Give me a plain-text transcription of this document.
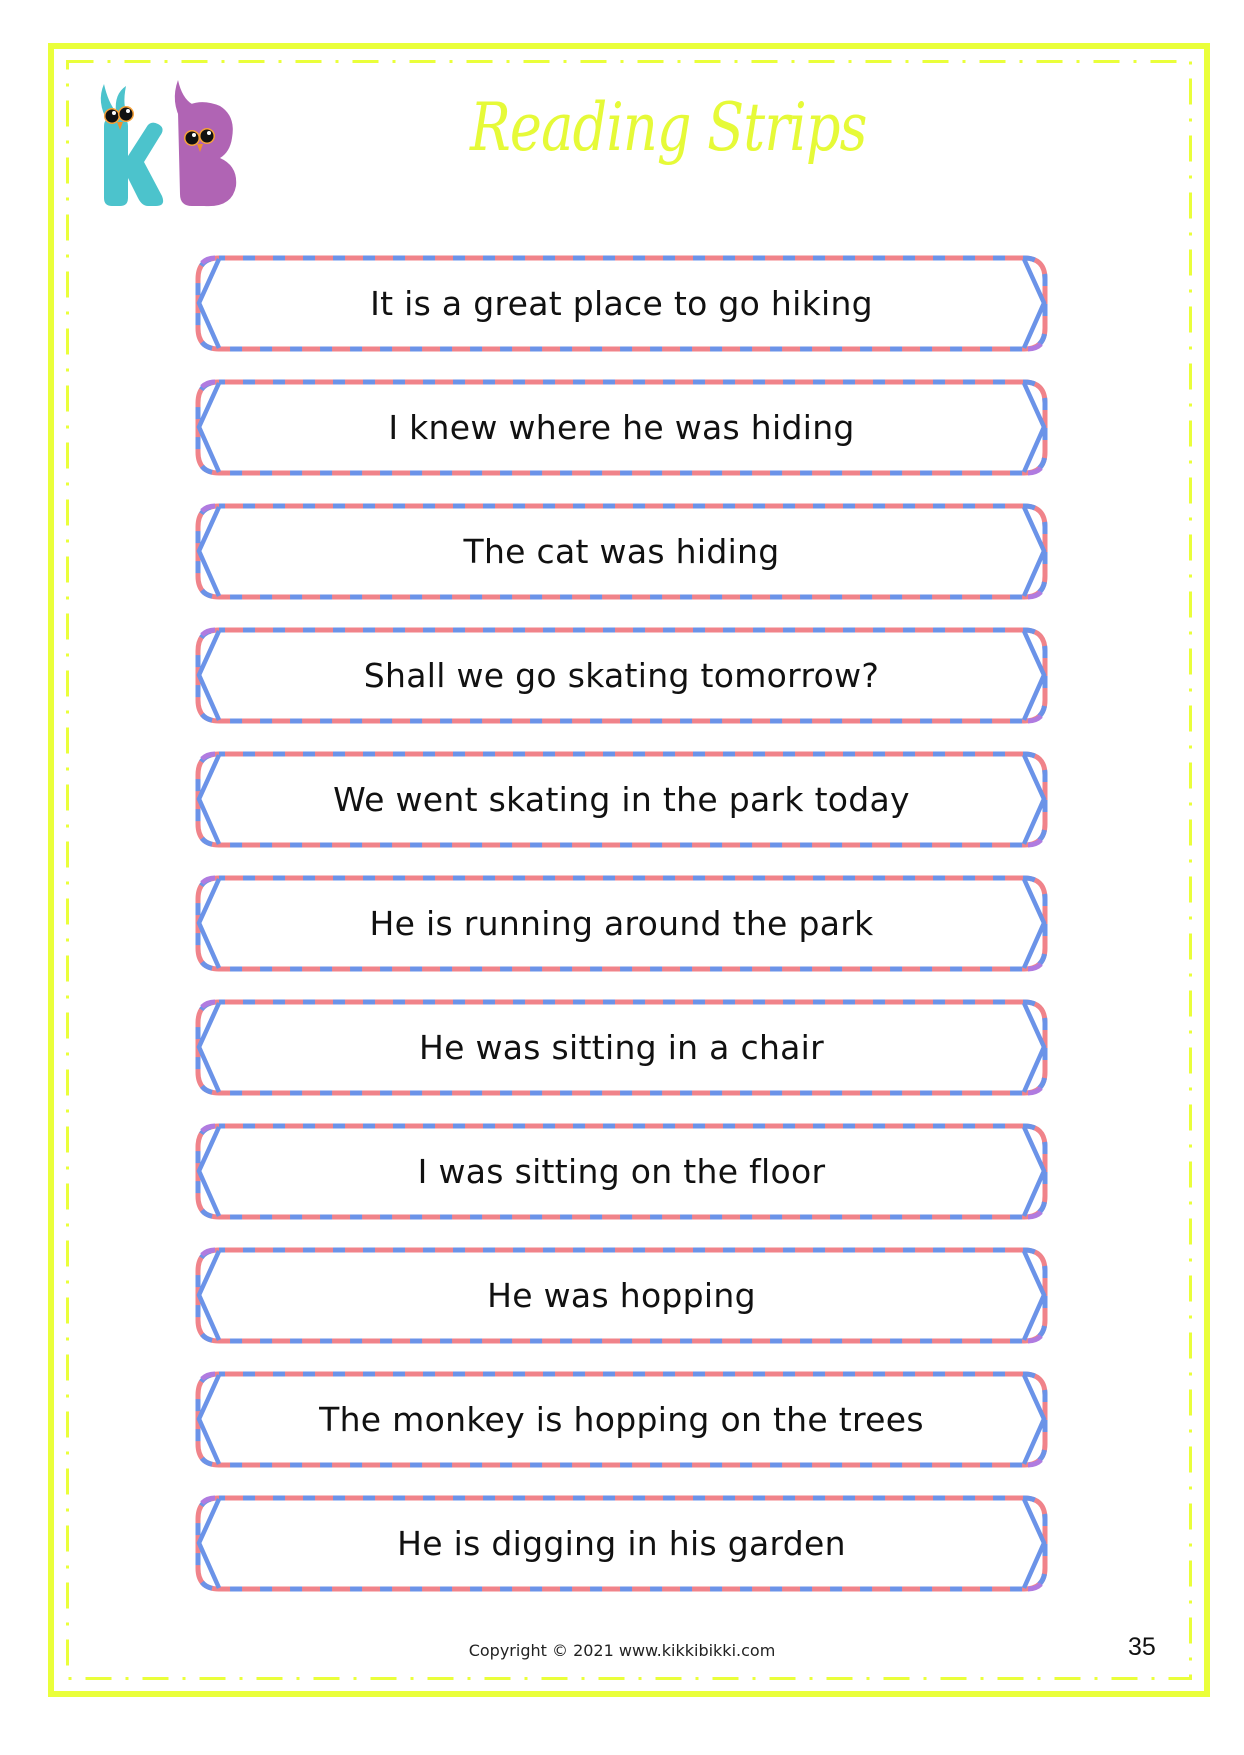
Reading Strips
It is a great place to go hiking
I knew where he was hiding
The cat was hiding
Shall we go skating tomorrow?
We went skating in the park today
He is running around the park
He was sitting in a chair
I was sitting on the floor
He was hopping
The monkey is hopping on the trees
He is digging in his garden
Copyright © 2021 www.kikkibikki.com	35
